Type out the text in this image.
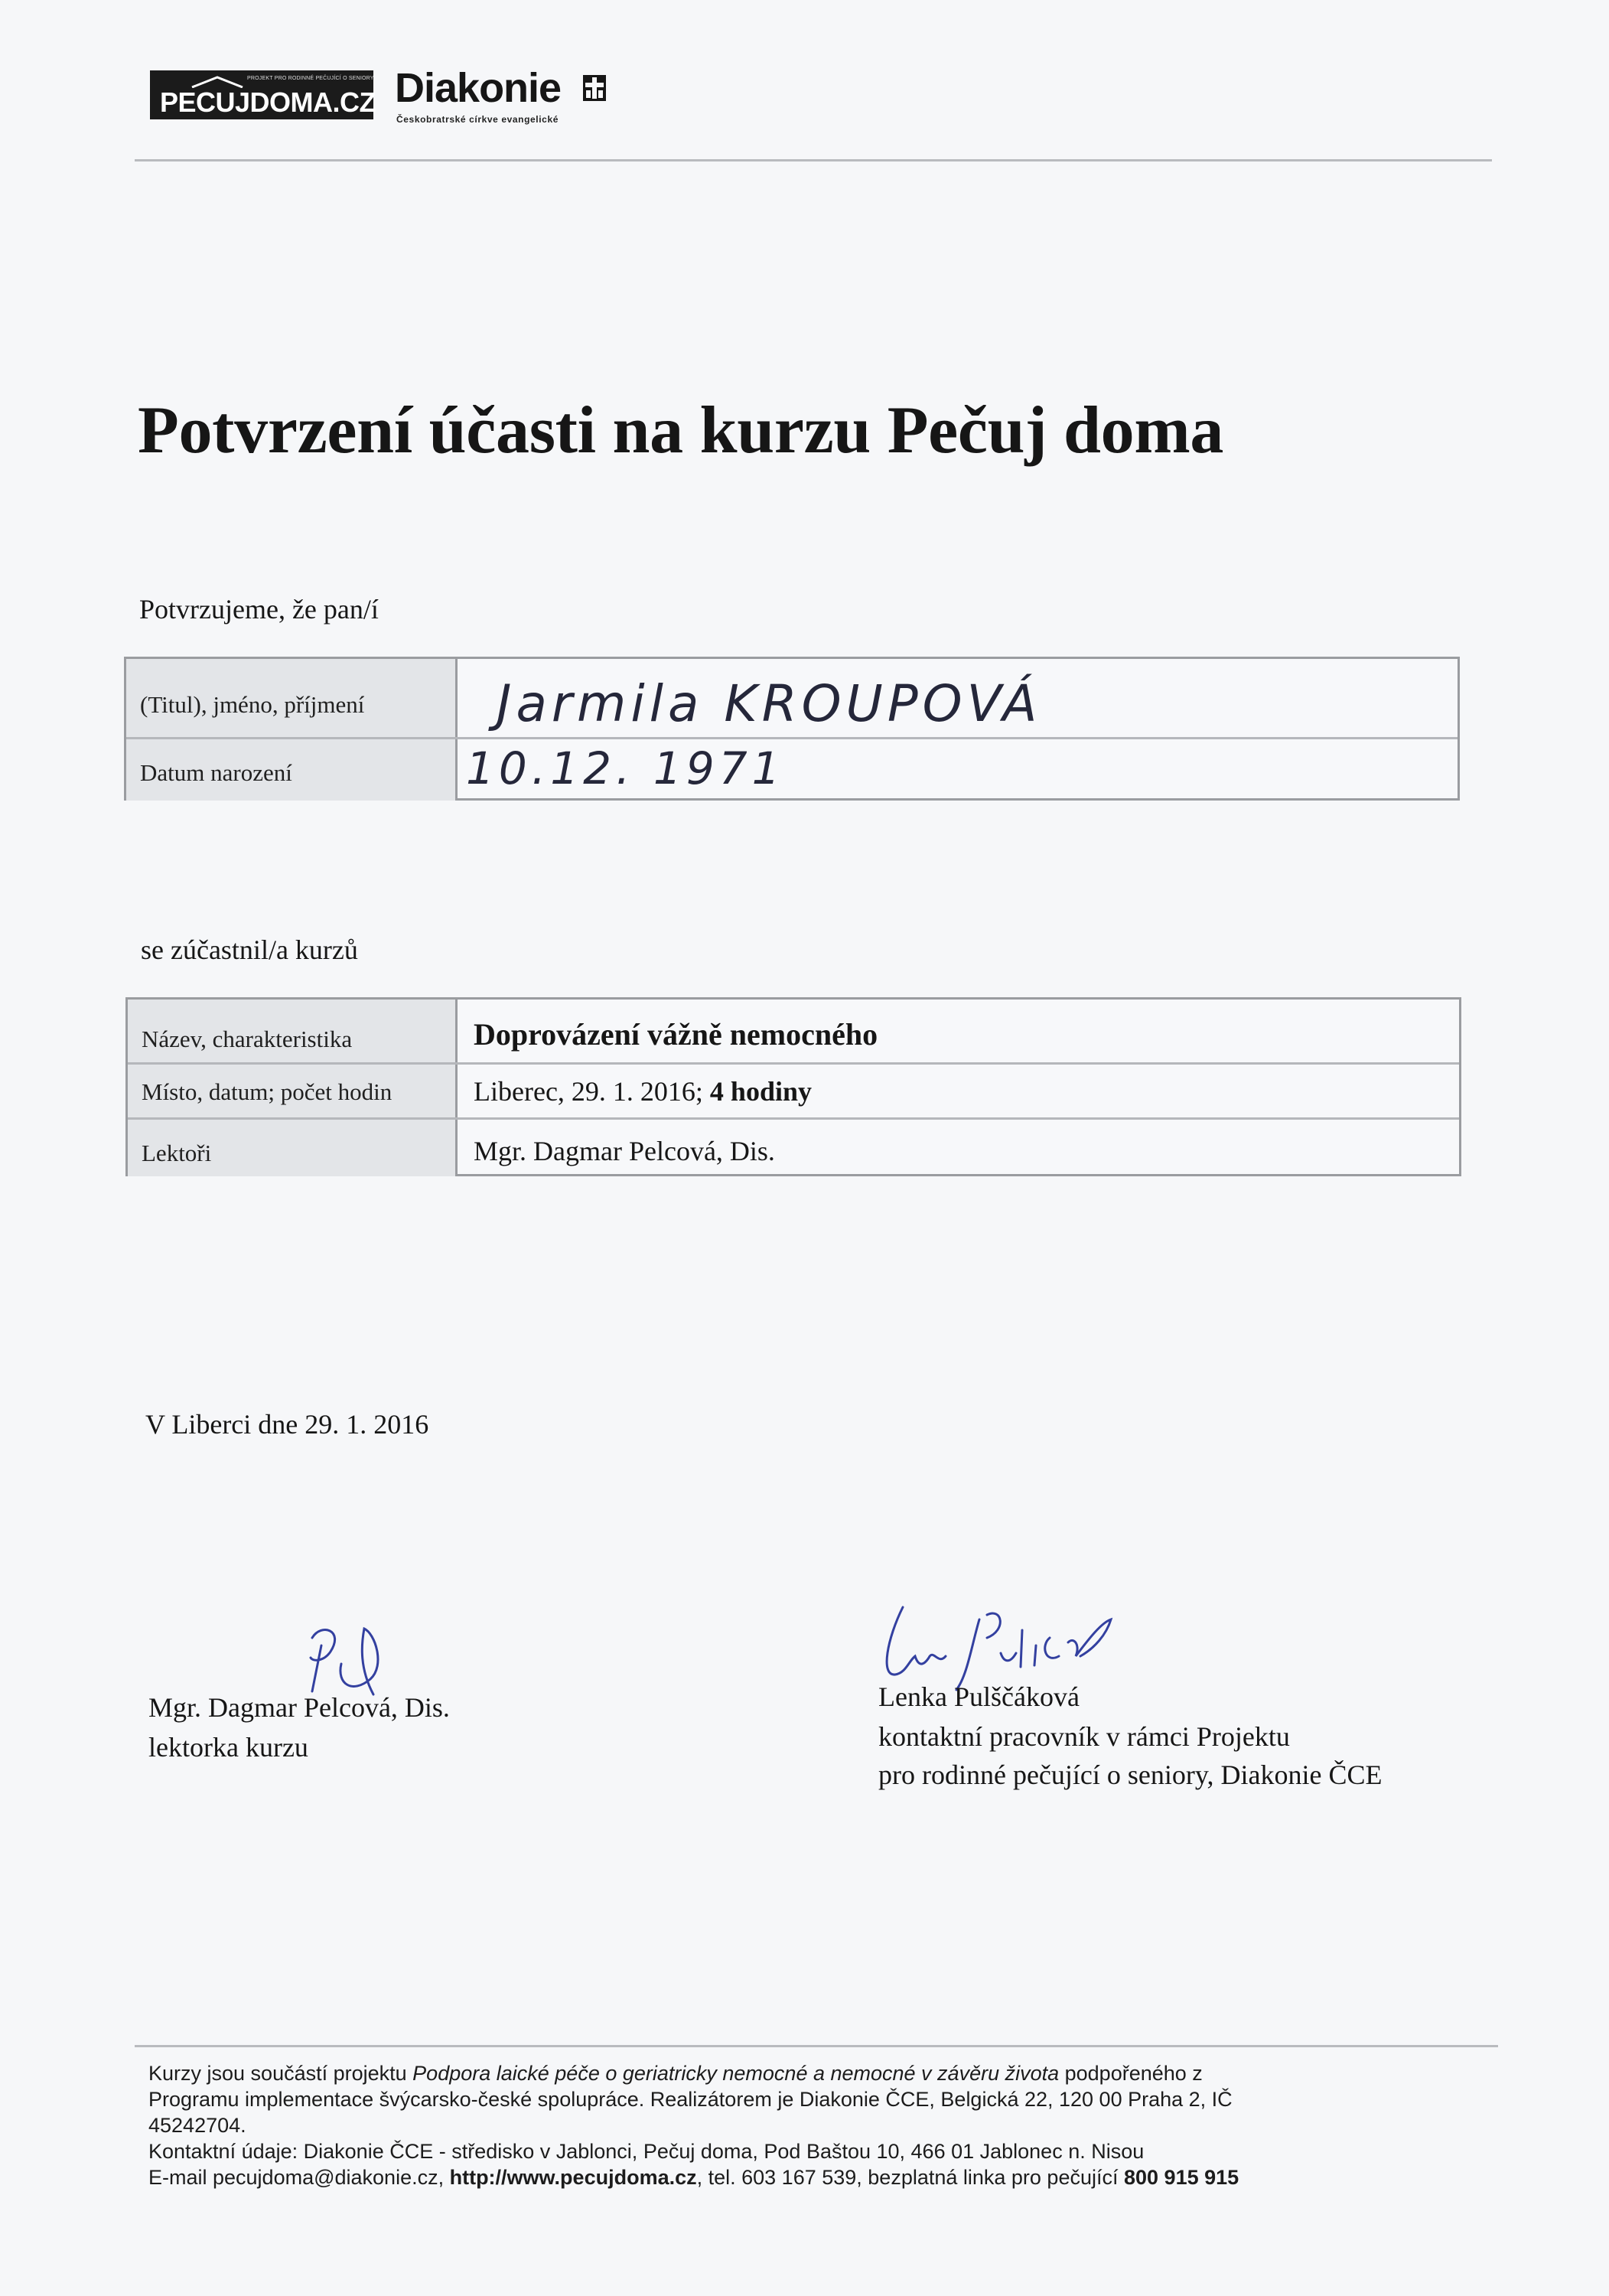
PROJEKT PRO RODINNÉ PEČUJÍCÍ O SENIORY
PECUJDOMA.CZ Diakonie
Českobratrské církve evangelické
Potvrzení účasti na kurzu Pečuj doma
Potvrzujeme, že pan/í
(Titul), jméno, příjmení	Jarmila KROUPOVÁ
Datum narození	10.12. 1971
se zúčastnil/a kurzů
Název, charakteristika	Doprovázení vážně nemocného
Místo, datum; počet hodin	Liberec, 29. 1. 2016; 4 hodiny
Lektoři	Mgr. Dagmar Pelcová, Dis.
V Liberci dne 29. 1. 2016
Mgr. Dagmar Pelcová, Dis.
lektorka kurzu
Lenka Pulščáková
kontaktní pracovník v rámci Projektu
pro rodinné pečující o seniory, Diakonie ČCE

Kurzy jsou součástí projektu Podpora laické péče o geriatricky nemocné a nemocné v závěru života podpořeného z

Programu implementace švýcarsko-české spolupráce. Realizátorem je Diakonie ČCE, Belgická 22, 120 00 Praha 2, IČ

45242704.

Kontaktní údaje: Diakonie ČCE - středisko v Jablonci, Pečuj doma, Pod Baštou 10, 466 01 Jablonec n. Nisou

E-mail pecujdoma@diakonie.cz, http://www.pecujdoma.cz, tel. 603 167 539, bezplatná linka pro pečující 800 915 915
